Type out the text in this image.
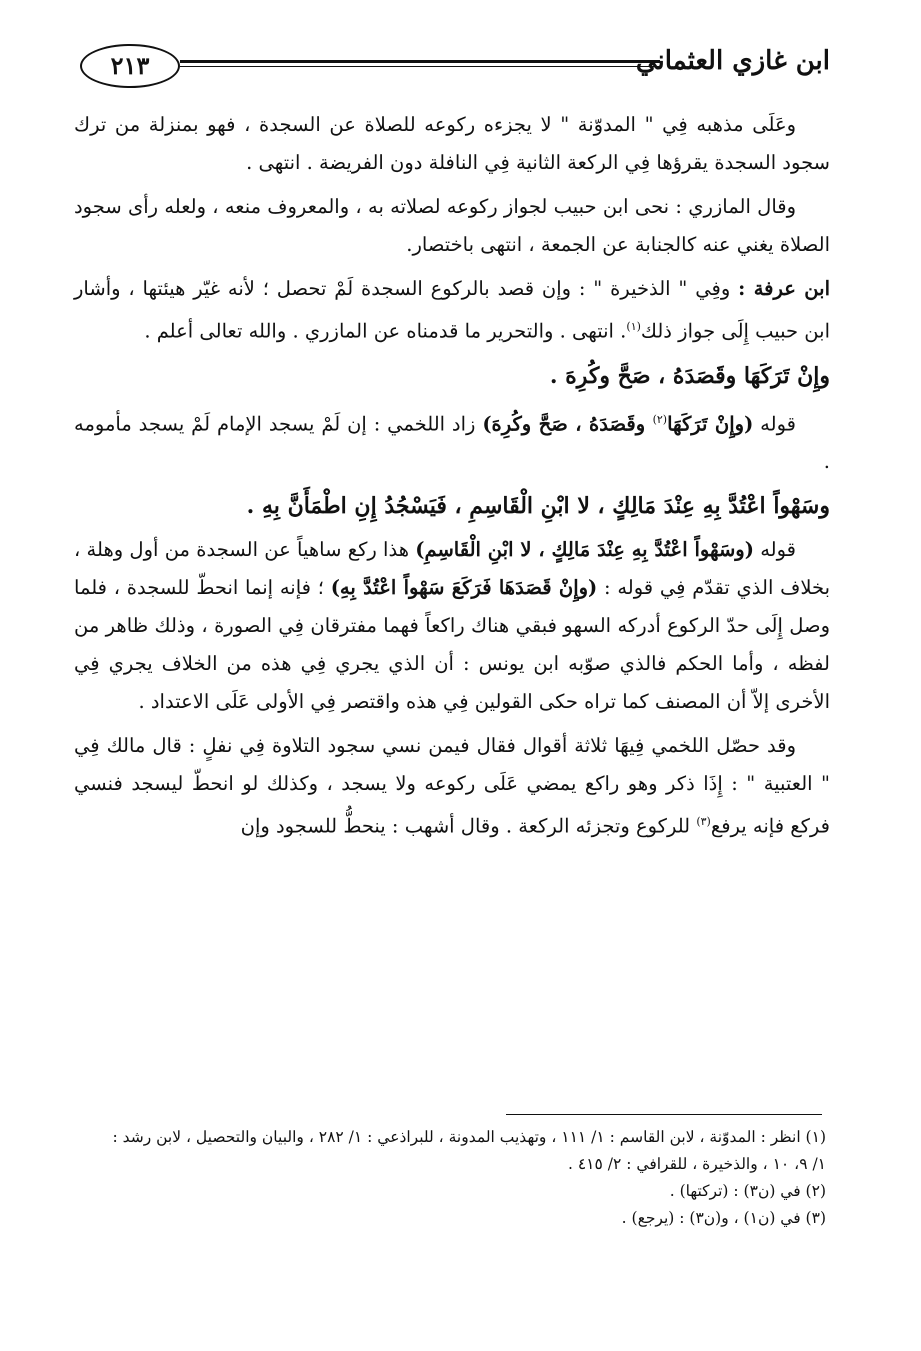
٢١٣	ابن غازي العثماني

وعَلَى مذهبه فِي " المدوّنة " لا يجزءه ركوعه للصلاة عن السجدة ، فهو بمنزلة من ترك سجود السجدة يقرؤها فِي الركعة الثانية فِي النافلة دون الفريضة . انتهى .

وقال المازري : نحى ابن حبيب لجواز ركوعه لصلاته به ، والمعروف منعه ، ولعله رأى سجود الصلاة يغني عنه كالجنابة عن الجمعة ، انتهى باختصار.

ابن عرفة : وفِي " الذخيرة " : وإن قصد بالركوع السجدة لَمْ تحصل ؛ لأنه غيّر هيئتها ، وأشار ابن حبيب إِلَى جواز ذلك$^{(١)}$. انتهى . والتحرير ما قدمناه عن المازري . والله تعالى أعلم .

وإِنْ تَرَكَهَا وقَصَدَهُ ، صَحَّ وكُرِهَ .

قوله (وإِنْ تَرَكَهَا$^{(٢)}$ وقَصَدَهُ ، صَحَّ وكُرِهَ) زاد اللخمي : إن لَمْ يسجد الإمام لَمْ يسجد مأمومه .

وسَهْواً اعْتُدَّ بِهِ عِنْدَ مَالِكٍ ، لا ابْنِ الْقَاسِمِ ، فَيَسْجُدُ إِنِ اطْمَأَنَّ بِهِ .

قوله (وسَهْواً اعْتُدَّ بِهِ عِنْدَ مَالِكٍ ، لا ابْنِ الْقَاسِمِ) هذا ركع ساهياً عن السجدة من أول وهلة ، بخلاف الذي تقدّم فِي قوله : (وإِنْ قَصَدَهَا فَرَكَعَ سَهْواً اعْتُدَّ بِهِ) ؛ فإنه إنما انحطّ للسجدة ، فلما وصل إِلَى حدّ الركوع أدركه السهو فبقي هناك راكعاً فهما مفترقان فِي الصورة ، وذلك ظاهر من لفظه ، وأما الحكم فالذي صوّبه ابن يونس : أن الذي يجري فِي هذه من الخلاف يجري فِي الأخرى إلاّ أن المصنف كما تراه حكى القولين فِي هذه واقتصر فِي الأولى عَلَى الاعتداد .

وقد حصّل اللخمي فِيهَا ثلاثة أقوال فقال فيمن نسي سجود التلاوة فِي نفلٍ : قال مالك فِي " العتبية " : إِذَا ذكر وهو راكع يمضي عَلَى ركوعه ولا يسجد ، وكذلك لو انحطّ ليسجد فنسي فركع فإنه يرفع$^{(٣)}$ للركوع وتجزئه الركعة . وقال أشهب : ينحطُّ للسجود وإن

(١) انظر : المدوّنة ، لابن القاسم : ١/ ١١١ ، وتهذيب المدونة ، للبراذعي : ١/ ٢٨٢ ، والبيان والتحصيل ، لابن رشد :
١/ ٩، ١٠ ، والذخيرة ، للقرافي : ٢/ ٤١٥ .
(٢) في (ن٣) : (تركتها) .
(٣) في (ن١) ، و(ن٣) : (يرجع) .
